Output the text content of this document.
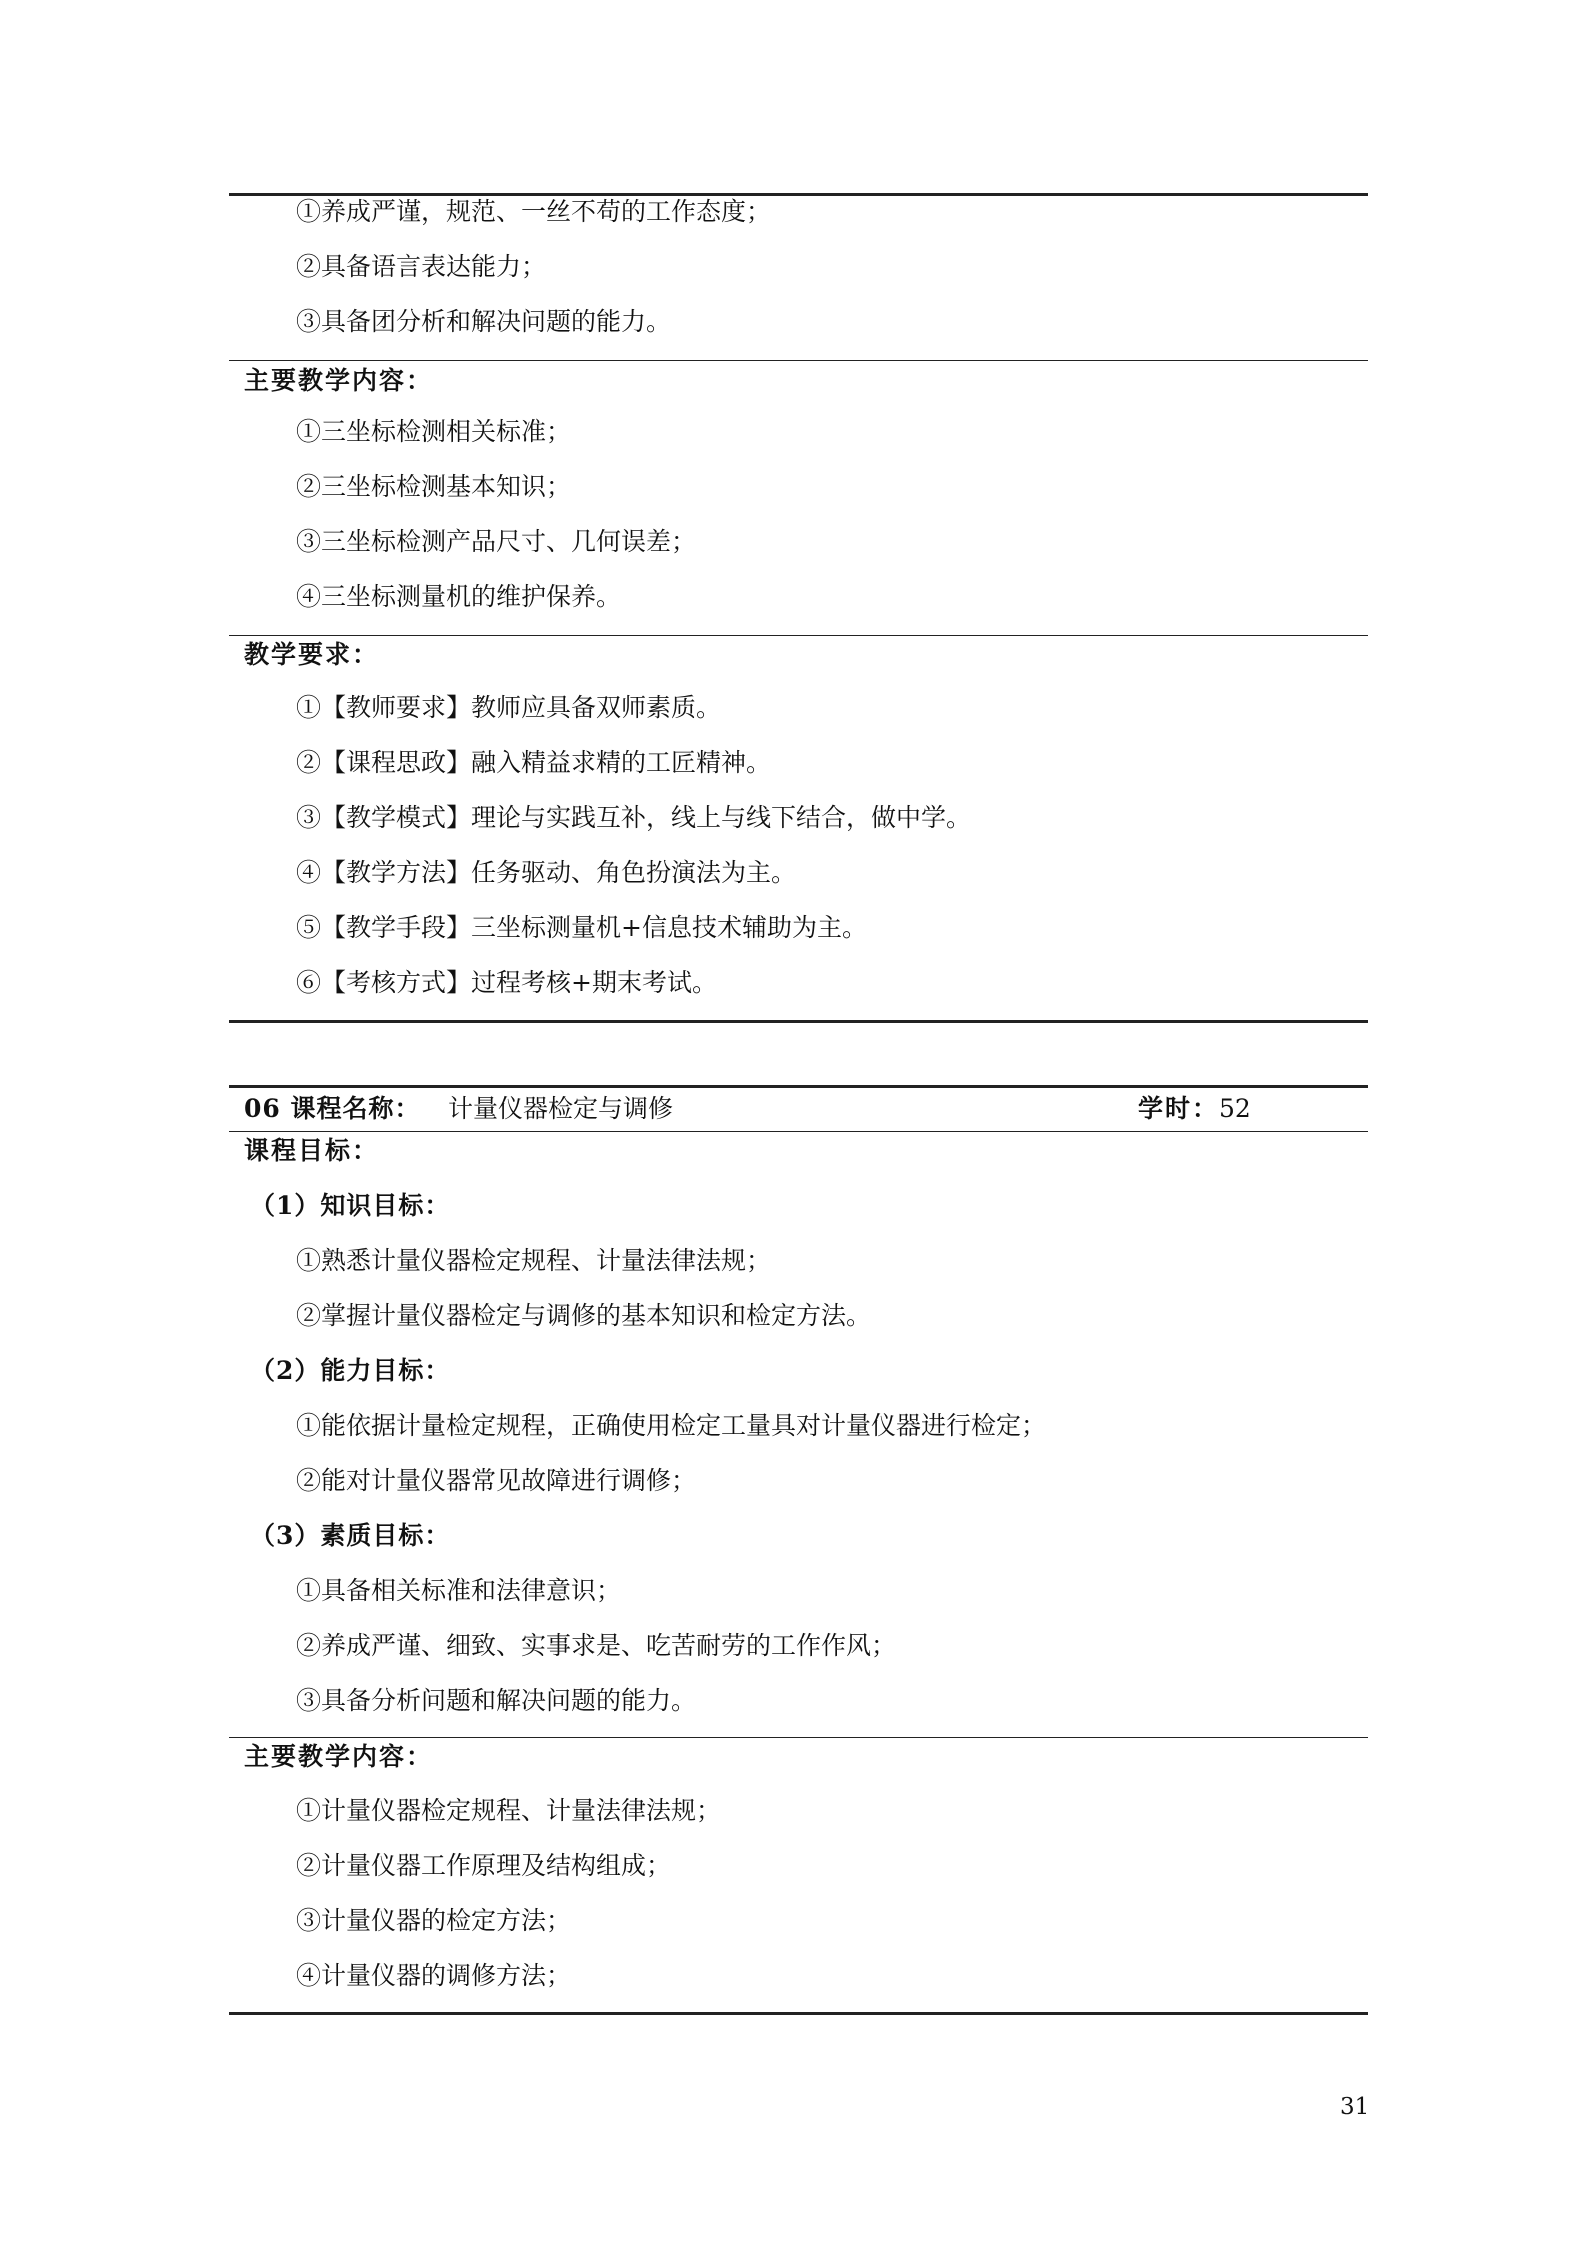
①养成严谨，规范、一丝不苟的工作态度；
②具备语言表达能力；
③具备团分析和解决问题的能力。
主要教学内容：
①三坐标检测相关标准；
②三坐标检测基本知识；
③三坐标检测产品尺寸、几何误差；
④三坐标测量机的维护保养。
教学要求：
①【教师要求】教师应具备双师素质。
②【课程思政】融入精益求精的工匠精神。
③【教学模式】理论与实践互补，线上与线下结合，做中学。
④【教学方法】任务驱动、角色扮演法为主。
⑤【教学手段】三坐标测量机+信息技术辅助为主。
⑥【考核方式】过程考核+期末考试。
06 课程名称： 计量仪器检定与调修	学时：52
课程目标：
（1）知识目标：
①熟悉计量仪器检定规程、计量法律法规；
②掌握计量仪器检定与调修的基本知识和检定方法。
（2）能力目标：
①能依据计量检定规程，正确使用检定工量具对计量仪器进行检定；
②能对计量仪器常见故障进行调修；
（3）素质目标：
①具备相关标准和法律意识；
②养成严谨、细致、实事求是、吃苦耐劳的工作作风；
③具备分析问题和解决问题的能力。
主要教学内容：
①计量仪器检定规程、计量法律法规；
②计量仪器工作原理及结构组成；
③计量仪器的检定方法；
④计量仪器的调修方法；
31
